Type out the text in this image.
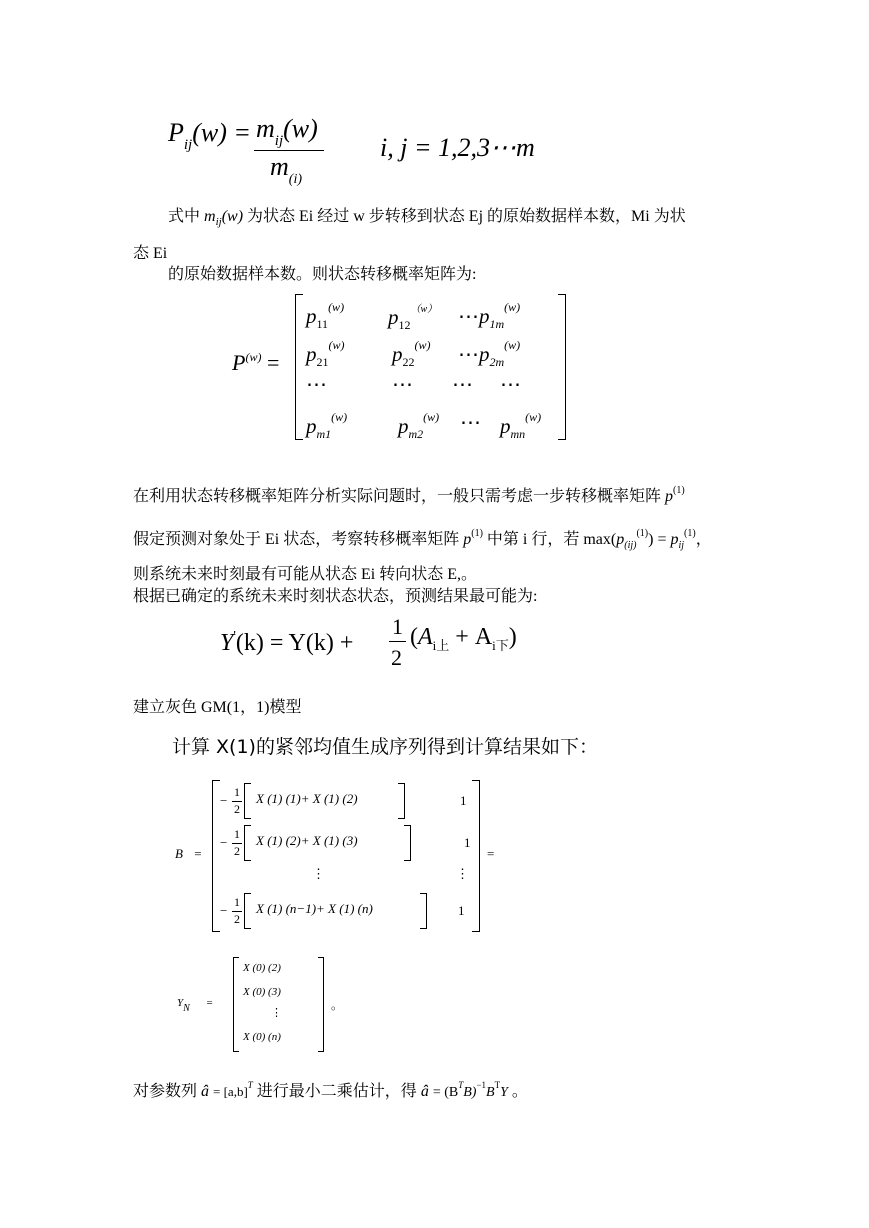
$P_{ij}(w) = m_{ij}(w)$
$m_{(i)}$
i, j = 1,2,3⋯m
式中 $m_{ij}(w)$ 为状态 Ei 经过 w 步转移到状态 Ej 的原始数据样本数，Mi 为状
态 Ei
的原始数据样本数。则状态转移概率矩阵为:
$P^{(w)}$ =
$p_{11}^{(w)}$ $p_{12}^{(w)}$ $\cdots p_{1m}^{(w)}$
$p_{21}^{(w)}$ $p_{22}^{(w)}$ $\cdots p_{2m}^{(w)}$
⋯	⋯ ⋯ ⋯
$p_{m1}^{(w)}$ $p_{m2}^{(w)}$ ⋯ $p_{mn}^{(w)}$
在利用状态转移概率矩阵分析实际问题时，一般只需考虑一步转移概率矩阵 $p^{(1)}$
假定预测对象处于 Ei 状态，考察转移概率矩阵 $p^{(1)}$ 中第 i 行，若 $\max(p_{(ij)}^{(1)}) = p_{ij}^{(1)}$，
则系统未来时刻最有可能从状态 Ei 转向状态 E,。
根据已确定的系统未来时刻状态状态，预测结果最可能为:
Y'(k) = Y(k) +
1
2
$(A_{i上} + A_{i下})$
建立灰色 GM(1，1)模型
计算 X(1)的紧邻均值生成序列得到计算结果如下：
B =
−
1
2
X (1) (1)+ X (1) (2)	1
−
1
2
X (1) (2)+ X (1) (3)	1
⋮	⋮
−
1
2
X (1) (n−1)+ X (1) (n)	1
=
YN =
X (0) (2)
X (0) (3)
⋮
X (0) (n)
。
对参数列 â = $[a,b]^T$ 进行最小二乘估计，得 â = $(B^TB)^{-1}B^TY$ 。
